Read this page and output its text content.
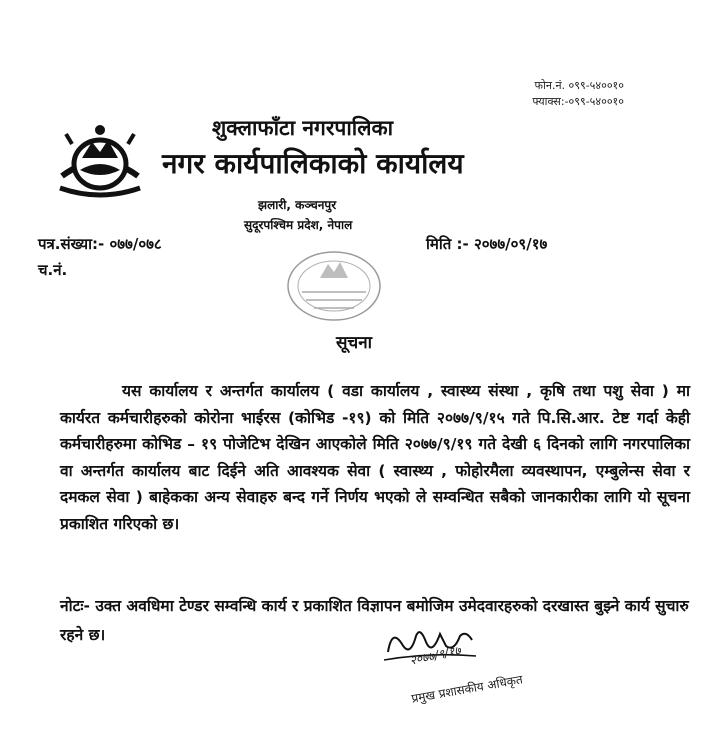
फोन.नं. ०९९-५४००१०
फ्याक्स:-०९९-५४००१०
शुक्लाफाँटा नगरपालिका
नगर कार्यपालिकाको कार्यालय
झलारी, कञ्चनपुर
सुदूरपश्चिम प्रदेश, नेपाल
पत्र.संख्या:- ०७७/०७८
च.नं.
मिति :- २०७७/०९/१७
सूचना
यस कार्यालय र अन्तर्गत कार्यालय ( वडा कार्यालय , स्वास्थ्य संस्था , कृषि तथा पशु सेवा ) मा कार्यरत कर्मचारीहरुको कोरोना भाईरस (कोभिड -१९) को मिति २०७७/९/१५ गते पि.सि.आर. टेष्ट गर्दा केही कर्मचारीहरुमा कोभिड – १९ पोजेटिभ देखिन आएकोले मिति २०७७/९/१९ गते देखी ६ दिनको लागि नगरपालिका वा अन्तर्गत कार्यालय बाट दिईने अति आवश्यक सेवा ( स्वास्थ्य , फोहोरमैला व्यवस्थापन, एम्बुलेन्स सेवा र दमकल सेवा ) बाहेकका अन्य सेवाहरु बन्द गर्ने निर्णय भएको ले सम्वन्धित सबैको जानकारीका लागि यो सूचना प्रकाशित गरिएको छ।
नोटः- उक्त अवधिमा टेण्डर सम्वन्धि कार्य र प्रकाशित विज्ञापन बमोजिम उमेदवारहरुको दरखास्त बुझ्ने कार्य सुचारु रहने छ।
२०७७/९/१७
प्रमुख प्रशासकीय अधिकृत
